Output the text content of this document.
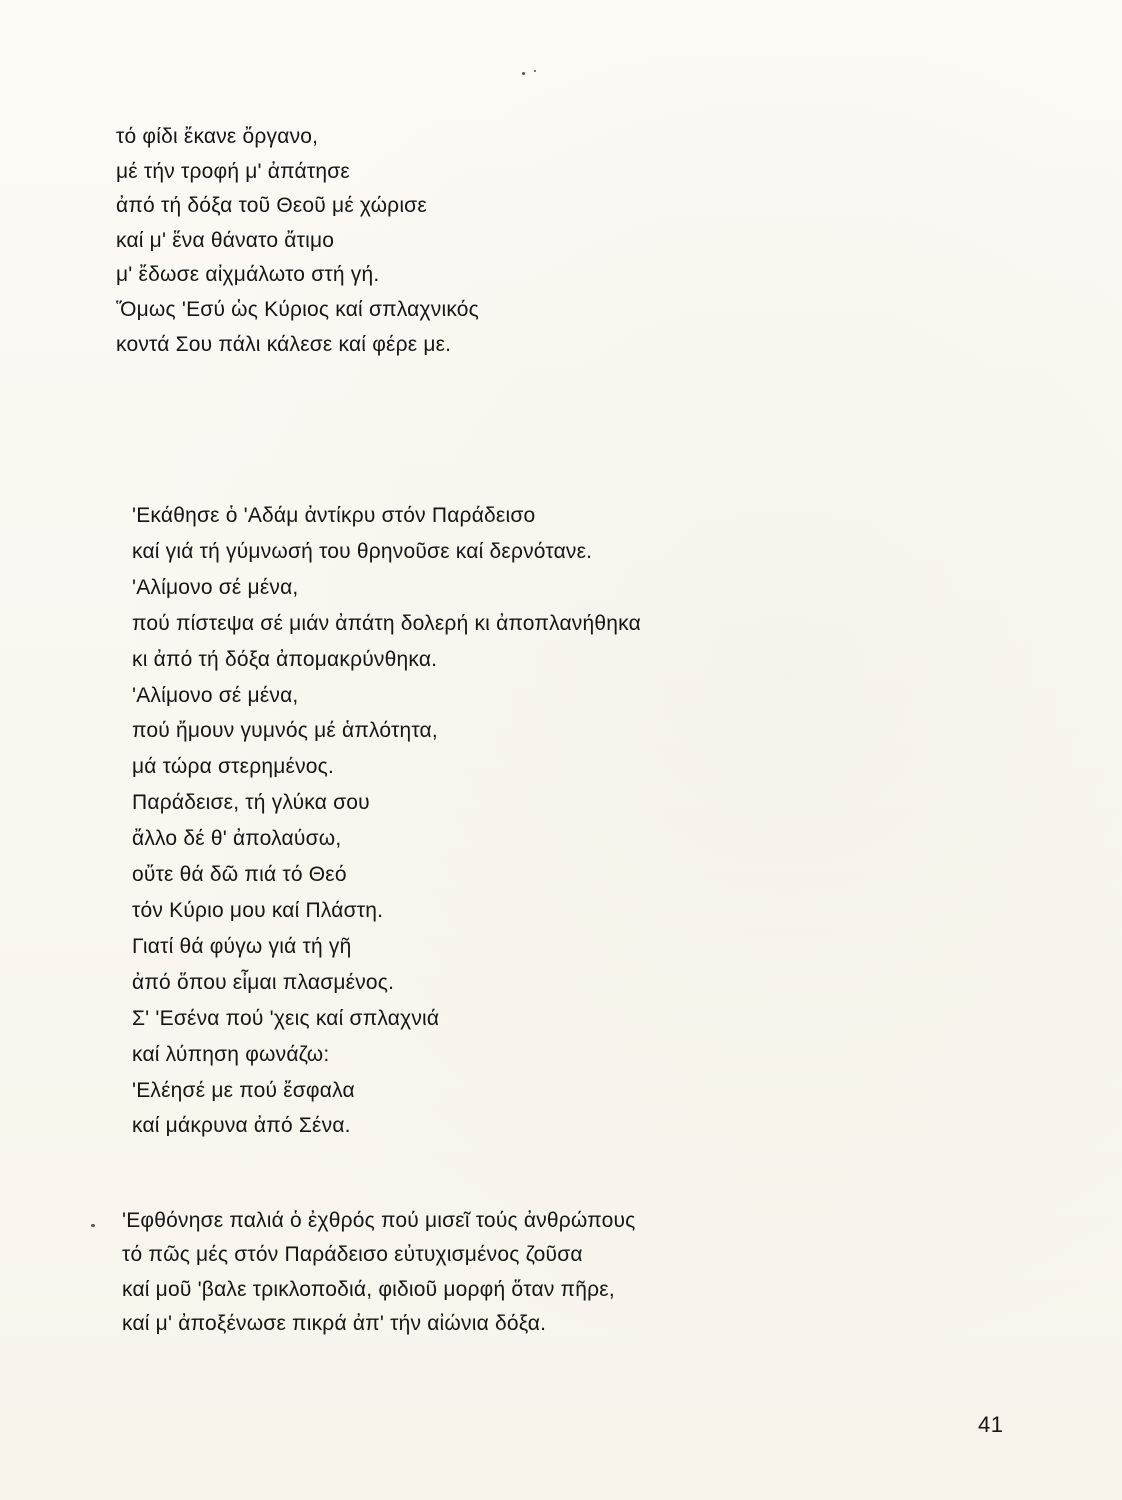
τό φίδι ἔκανε ὄργανο,
μέ τήν τροφή μ' ἀπάτησε
ἀπό τή δόξα τοῦ Θεοῦ μέ χώρισε
καί μ' ἕνα θάνατο ἄτιμο
μ' ἔδωσε αἰχμάλωτο στή γή.
Ὅμως 'Εσύ ὡς Κύριος καί σπλαχνικός
κοντά Σου πάλι κάλεσε καί φέρε με.
'Εκάθησε ὁ 'Αδάμ ἀντίκρυ στόν Παράδεισο
καί γιά τή γύμνωσή του θρηνοῦσε καί δερνότανε.
'Αλίμονο σέ μένα,
πού πίστεψα σέ μιάν ἀπάτη δολερή κι ἀποπλανήθηκα
κι ἀπό τή δόξα ἀπομακρύνθηκα.
'Αλίμονο σέ μένα,
πού ἤμουν γυμνός μέ ἁπλότητα,
μά τώρα στερημένος.
Παράδεισε, τή γλύκα σου
ἄλλο δέ θ' ἀπολαύσω,
οὔτε θά δῶ πιά τό Θεό
τόν Κύριο μου καί Πλάστη.
Γιατί θά φύγω γιά τή γῆ
ἀπό ὅπου εἶμαι πλασμένος.
Σ' 'Εσένα πού 'χεις καί σπλαχνιά
καί λύπηση φωνάζω:
'Ελέησέ με πού ἔσφαλα
καί μάκρυνα ἀπό Σένα.
'Εφθόνησε παλιά ὁ ἐχθρός πού μισεῖ τούς ἀνθρώπους
τό πῶς μές στόν Παράδεισο εὐτυχισμένος ζοῦσα
καί μοῦ 'βαλε τρικλοποδιά, φιδιοῦ μορφή ὅταν πῆρε,
καί μ' ἀποξένωσε πικρά ἀπ' τήν αἰώνια δόξα.
41
